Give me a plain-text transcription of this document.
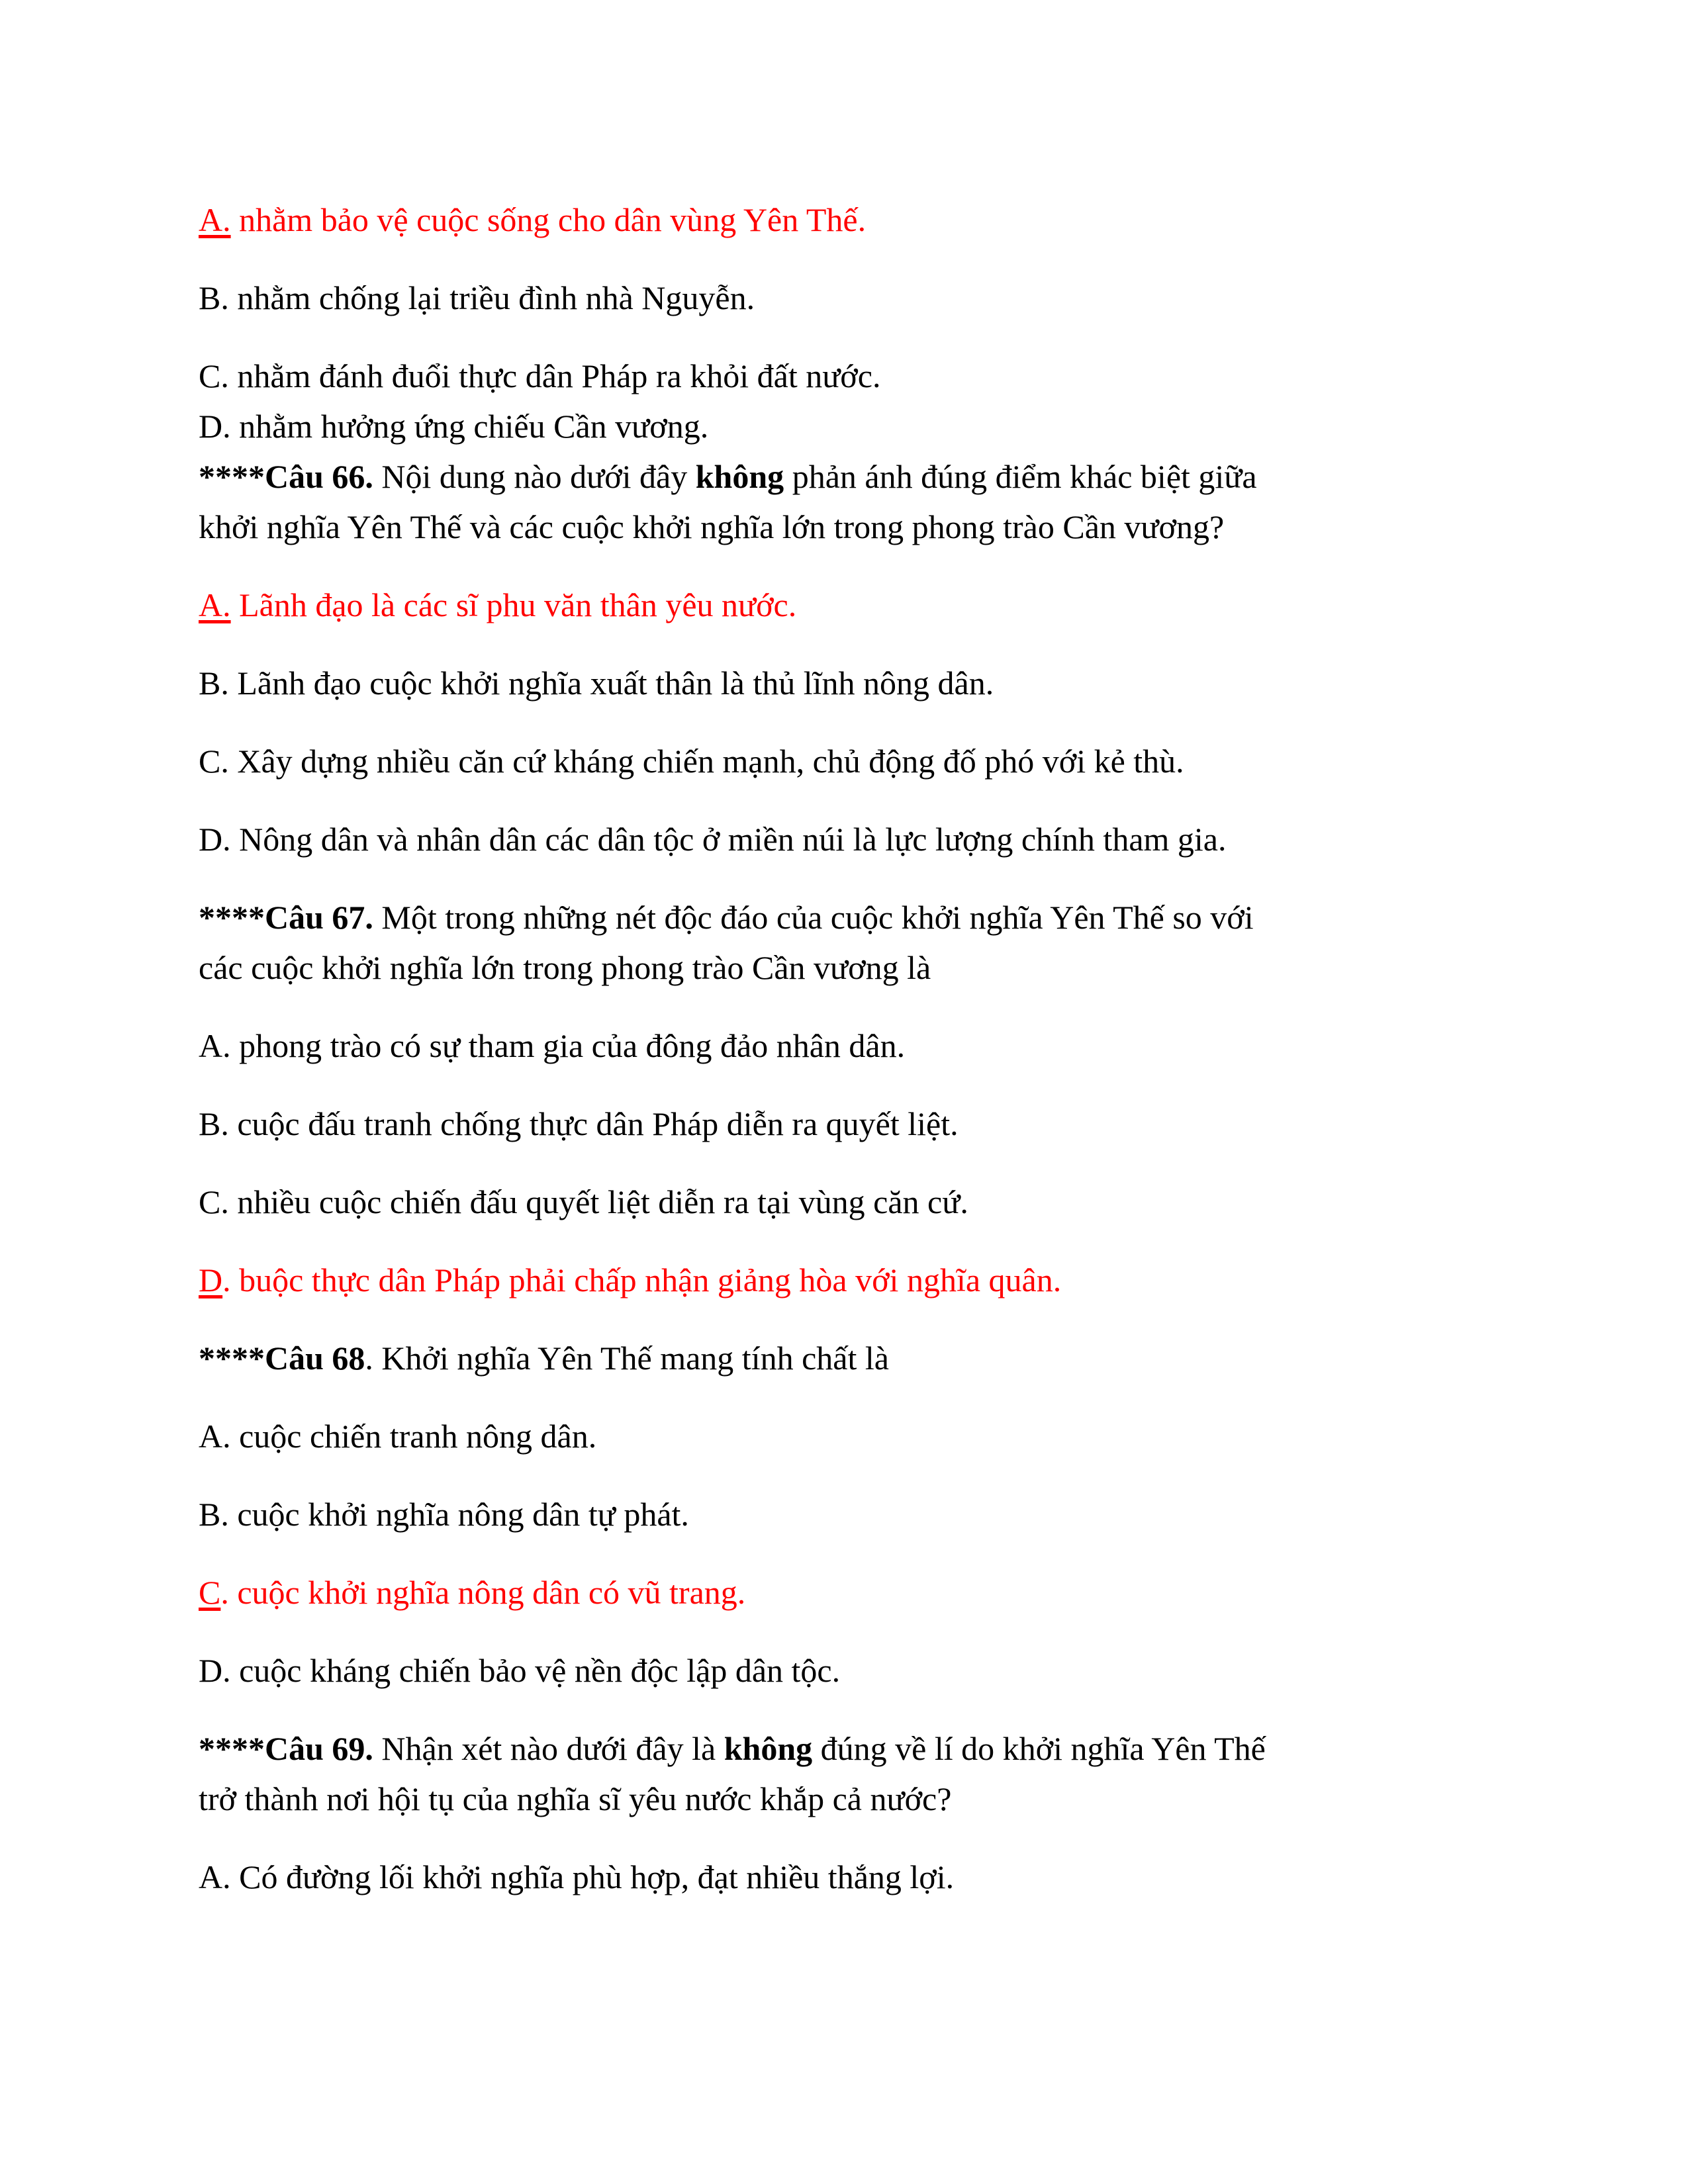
A. nhằm bảo vệ cuộc sống cho dân vùng Yên Thế.

B. nhằm chống lại triều đình nhà Nguyễn.

C. nhằm đánh đuổi thực dân Pháp ra khỏi đất nước.

D. nhằm hưởng ứng chiếu Cần vương.

****Câu 66. Nội dung nào dưới đây không phản ánh đúng điểm khác biệt giữa

khởi nghĩa Yên Thế và các cuộc khởi nghĩa lớn trong phong trào Cần vương?

A. Lãnh đạo là các sĩ phu văn thân yêu nước.

B. Lãnh đạo cuộc khởi nghĩa xuất thân là thủ lĩnh nông dân.

C. Xây dựng nhiều căn cứ kháng chiến mạnh, chủ động đố phó với kẻ thù.

D. Nông dân và nhân dân các dân tộc ở miền núi là lực lượng chính tham gia.

****Câu 67. Một trong những nét độc đáo của cuộc khởi nghĩa Yên Thế so với

các cuộc khởi nghĩa lớn trong phong trào Cần vương là

A. phong trào có sự tham gia của đông đảo nhân dân.

B. cuộc đấu tranh chống thực dân Pháp diễn ra quyết liệt.

C. nhiều cuộc chiến đấu quyết liệt diễn ra tại vùng căn cứ.

D. buộc thực dân Pháp phải chấp nhận giảng hòa với nghĩa quân.

****Câu 68. Khởi nghĩa Yên Thế mang tính chất là

A. cuộc chiến tranh nông dân.

B. cuộc khởi nghĩa nông dân tự phát.

C. cuộc khởi nghĩa nông dân có vũ trang.

D. cuộc kháng chiến bảo vệ nền độc lập dân tộc.

****Câu 69. Nhận xét nào dưới đây là không đúng về lí do khởi nghĩa Yên Thế

trở thành nơi hội tụ của nghĩa sĩ yêu nước khắp cả nước?

A. Có đường lối khởi nghĩa phù hợp, đạt nhiều thắng lợi.
